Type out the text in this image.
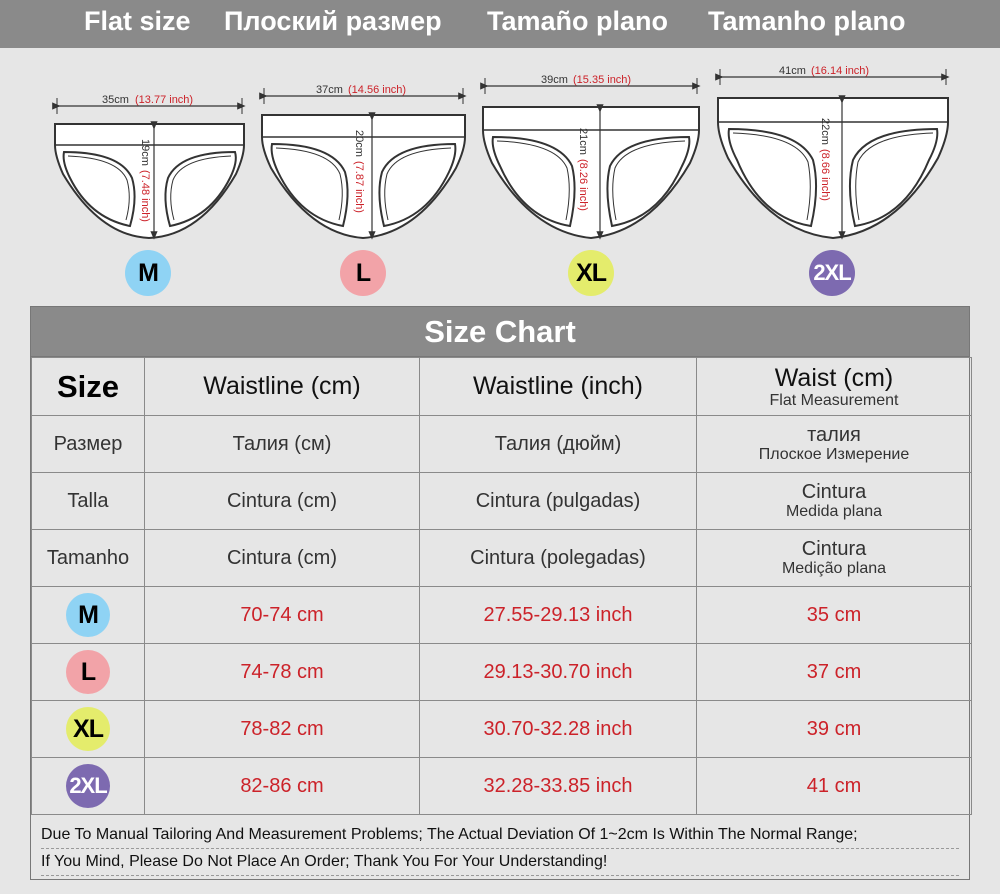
Flat size Плоский размер Tamaño plano Tamanho plano
35cm (13.77 inch)
19cm
(7.48 inch)
37cm (14.56 inch)
20cm
(7.87 inch)
39cm (15.35 inch)
21cm
(8.26 inch)
41cm (16.14 inch)
22cm
(8.66 inch)
M	L	XL	2XL
Size Chart
Size	Waistline (cm)	Waistline (inch)	Waist (cm)
Flat Measurement

Размер	Талия (см)	Талия (дюйм)	талия
Плоское Измерение

Talla	Cintura (cm)	Cintura (pulgadas)	Cintura
Medida plana

Tamanho	Cintura (cm)	Cintura (polegadas)	Cintura
Medição plana

M	70-74 cm	27.55-29.13 inch	35 cm
L	74-78 cm	29.13-30.70 inch	37 cm
XL	78-82 cm	30.70-32.28 inch	39 cm
2XL	82-86 cm	32.28-33.85 inch	41 cm
Due To Manual Tailoring And Measurement Problems; The Actual Deviation Of 1~2cm Is Within The Normal Range;
If You Mind, Please Do Not Place An Order; Thank You For Your Understanding!
